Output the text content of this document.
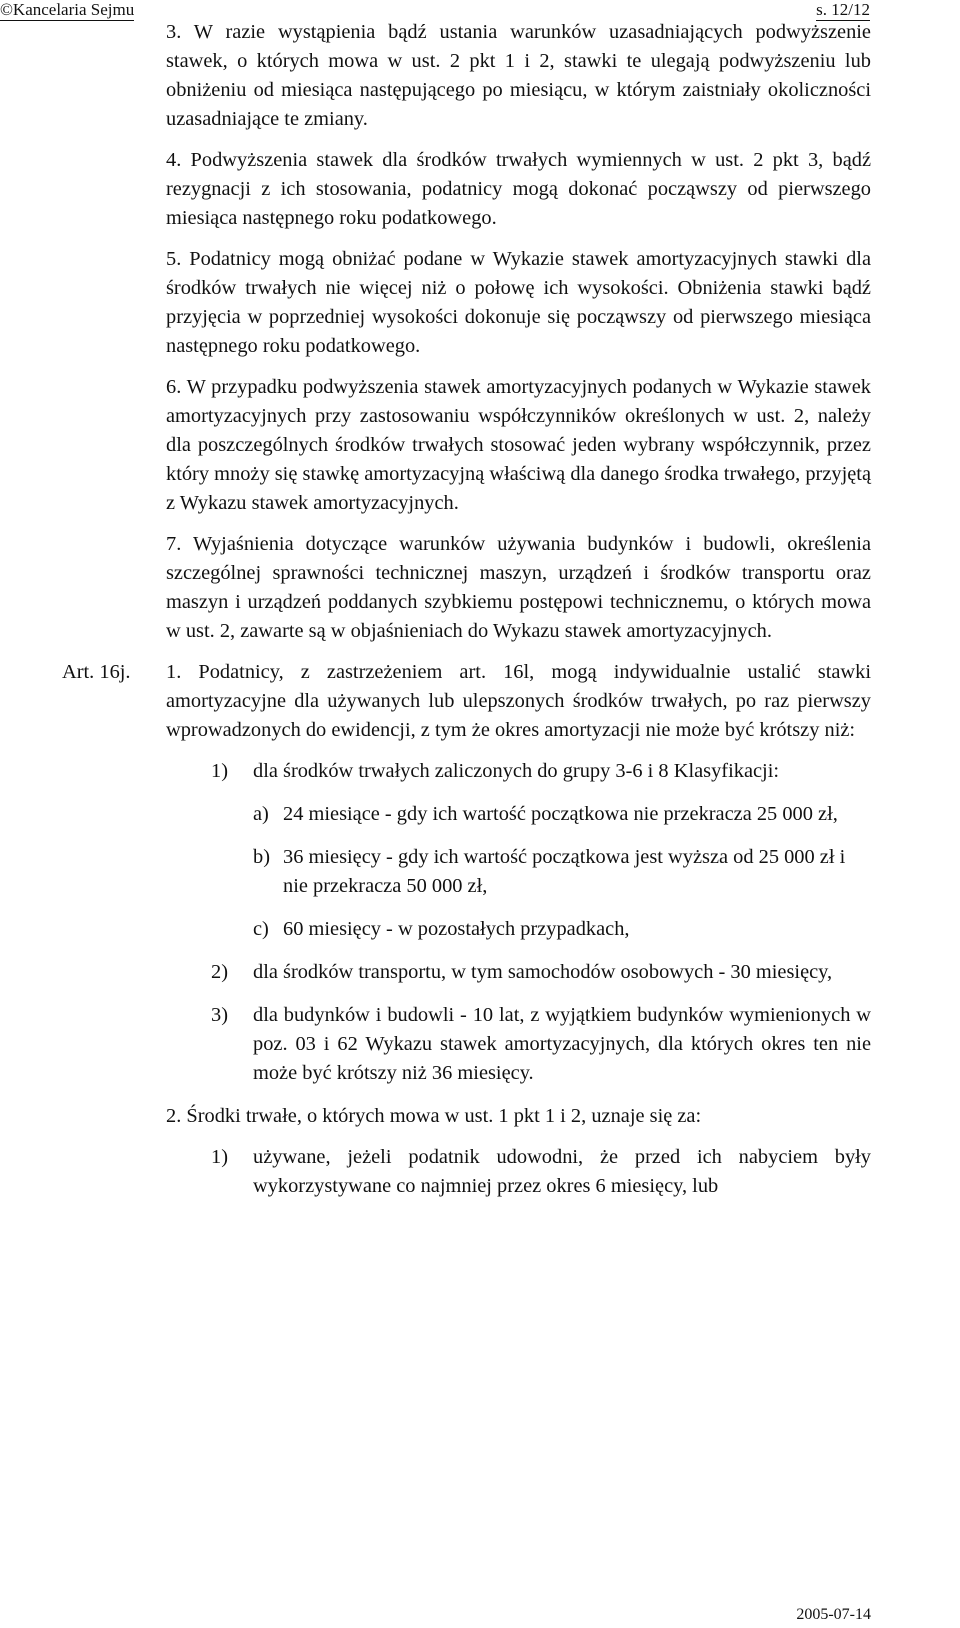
©Kancelaria Sejmu	s. 12/12
3. W razie wystąpienia bądź ustania warunków uzasadniających podwyższenie stawek, o których mowa w ust. 2 pkt 1 i 2, stawki te ulegają podwyższeniu lub obniżeniu od miesiąca następującego po miesiącu, w którym zaistniały okoliczności uzasadniające te zmiany.
4. Podwyższenia stawek dla środków trwałych wymiennych w ust. 2 pkt 3, bądź rezygnacji z ich stosowania, podatnicy mogą dokonać począwszy od pierwszego miesiąca następnego roku podatkowego.
5. Podatnicy mogą obniżać podane w Wykazie stawek amortyzacyjnych stawki dla środków trwałych nie więcej niż o połowę ich wysokości. Obniżenia stawki bądź przyjęcia w poprzedniej wysokości dokonuje się począwszy od pierwszego miesiąca następnego roku podatkowego.
6. W przypadku podwyższenia stawek amortyzacyjnych podanych w Wykazie stawek amortyzacyjnych przy zastosowaniu współczynników określonych w ust. 2, należy dla poszczególnych środków trwałych stosować jeden wybrany współczynnik, przez który mnoży się stawkę amortyzacyjną właściwą dla danego środka trwałego, przyjętą z Wykazu stawek amortyzacyjnych.
7. Wyjaśnienia dotyczące warunków używania budynków i budowli, określenia szczególnej sprawności technicznej maszyn, urządzeń i środków transportu oraz maszyn i urządzeń poddanych szybkiemu postępowi technicznemu, o których mowa w ust. 2, zawarte są w objaśnieniach do Wykazu stawek amortyzacyjnych.
Art. 16j. 1. Podatnicy, z zastrzeżeniem art. 16l, mogą indywidualnie ustalić stawki amortyzacyjne dla używanych lub ulepszonych środków trwałych, po raz pierwszy wprowadzonych do ewidencji, z tym że okres amortyzacji nie może być krótszy niż:
1) dla środków trwałych zaliczonych do grupy 3-6 i 8 Klasyfikacji:
a) 24 miesiące - gdy ich wartość początkowa nie przekracza 25 000 zł,
b) 36 miesięcy - gdy ich wartość początkowa jest wyższa od 25 000 zł i nie przekracza 50 000 zł,
c) 60 miesięcy - w pozostałych przypadkach,
2) dla środków transportu, w tym samochodów osobowych - 30 miesięcy,
3) dla budynków i budowli - 10 lat, z wyjątkiem budynków wymienionych w poz. 03 i 62 Wykazu stawek amortyzacyjnych, dla których okres ten nie może być krótszy niż 36 miesięcy.
2. Środki trwałe, o których mowa w ust. 1 pkt 1 i 2, uznaje się za:
1) używane, jeżeli podatnik udowodni, że przed ich nabyciem były wykorzystywane co najmniej przez okres 6 miesięcy, lub
2005-07-14
